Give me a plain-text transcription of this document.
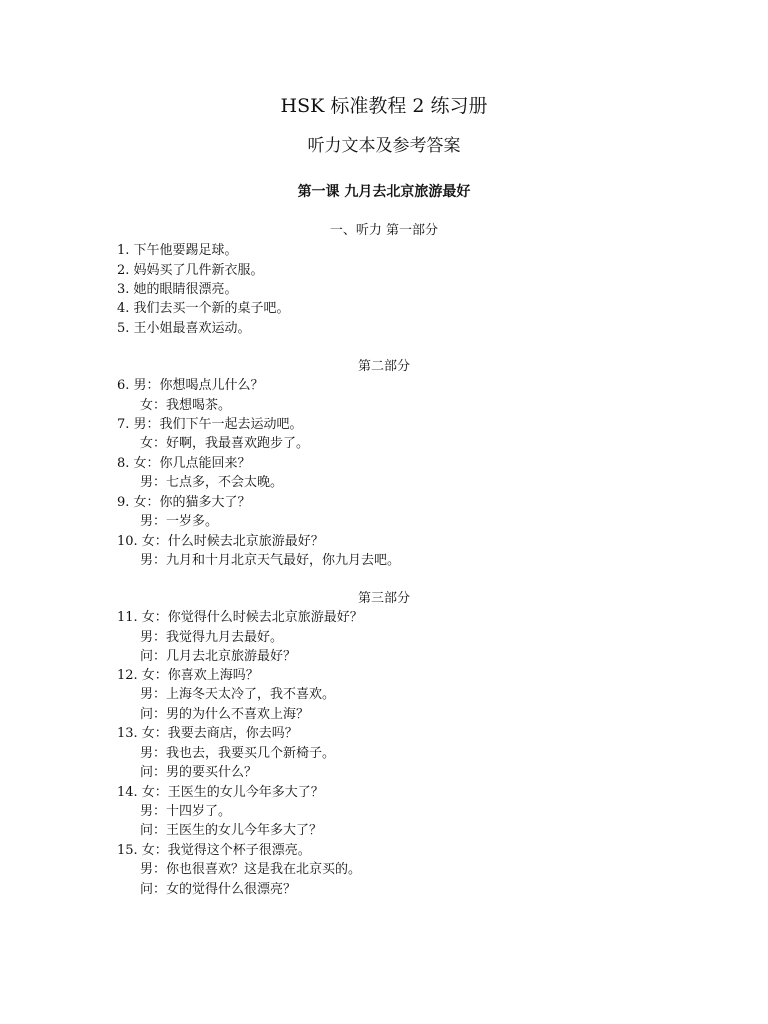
HSK 标准教程 2 练习册
听力文本及参考答案
第一课 九月去北京旅游最好
一、听力 第一部分
1. 下午他要踢足球。
2. 妈妈买了几件新衣服。
3. 她的眼睛很漂亮。
4. 我们去买一个新的桌子吧。
5. 王小姐最喜欢运动。
第二部分
6. 男：你想喝点儿什么？
女：我想喝茶。
7. 男：我们下午一起去运动吧。
女：好啊，我最喜欢跑步了。
8. 女：你几点能回来？
男：七点多，不会太晚。
9. 女：你的猫多大了？
男：一岁多。
10. 女：什么时候去北京旅游最好？
男：九月和十月北京天气最好，你九月去吧。
第三部分
11. 女：你觉得什么时候去北京旅游最好？
男：我觉得九月去最好。
问：几月去北京旅游最好？
12. 女：你喜欢上海吗？
男：上海冬天太冷了，我不喜欢。
问：男的为什么不喜欢上海？
13. 女：我要去商店，你去吗？
男：我也去，我要买几个新椅子。
问：男的要买什么？
14. 女：王医生的女儿今年多大了？
男：十四岁了。
问：王医生的女儿今年多大了？
15. 女：我觉得这个杯子很漂亮。
男：你也很喜欢？这是我在北京买的。
问：女的觉得什么很漂亮？
